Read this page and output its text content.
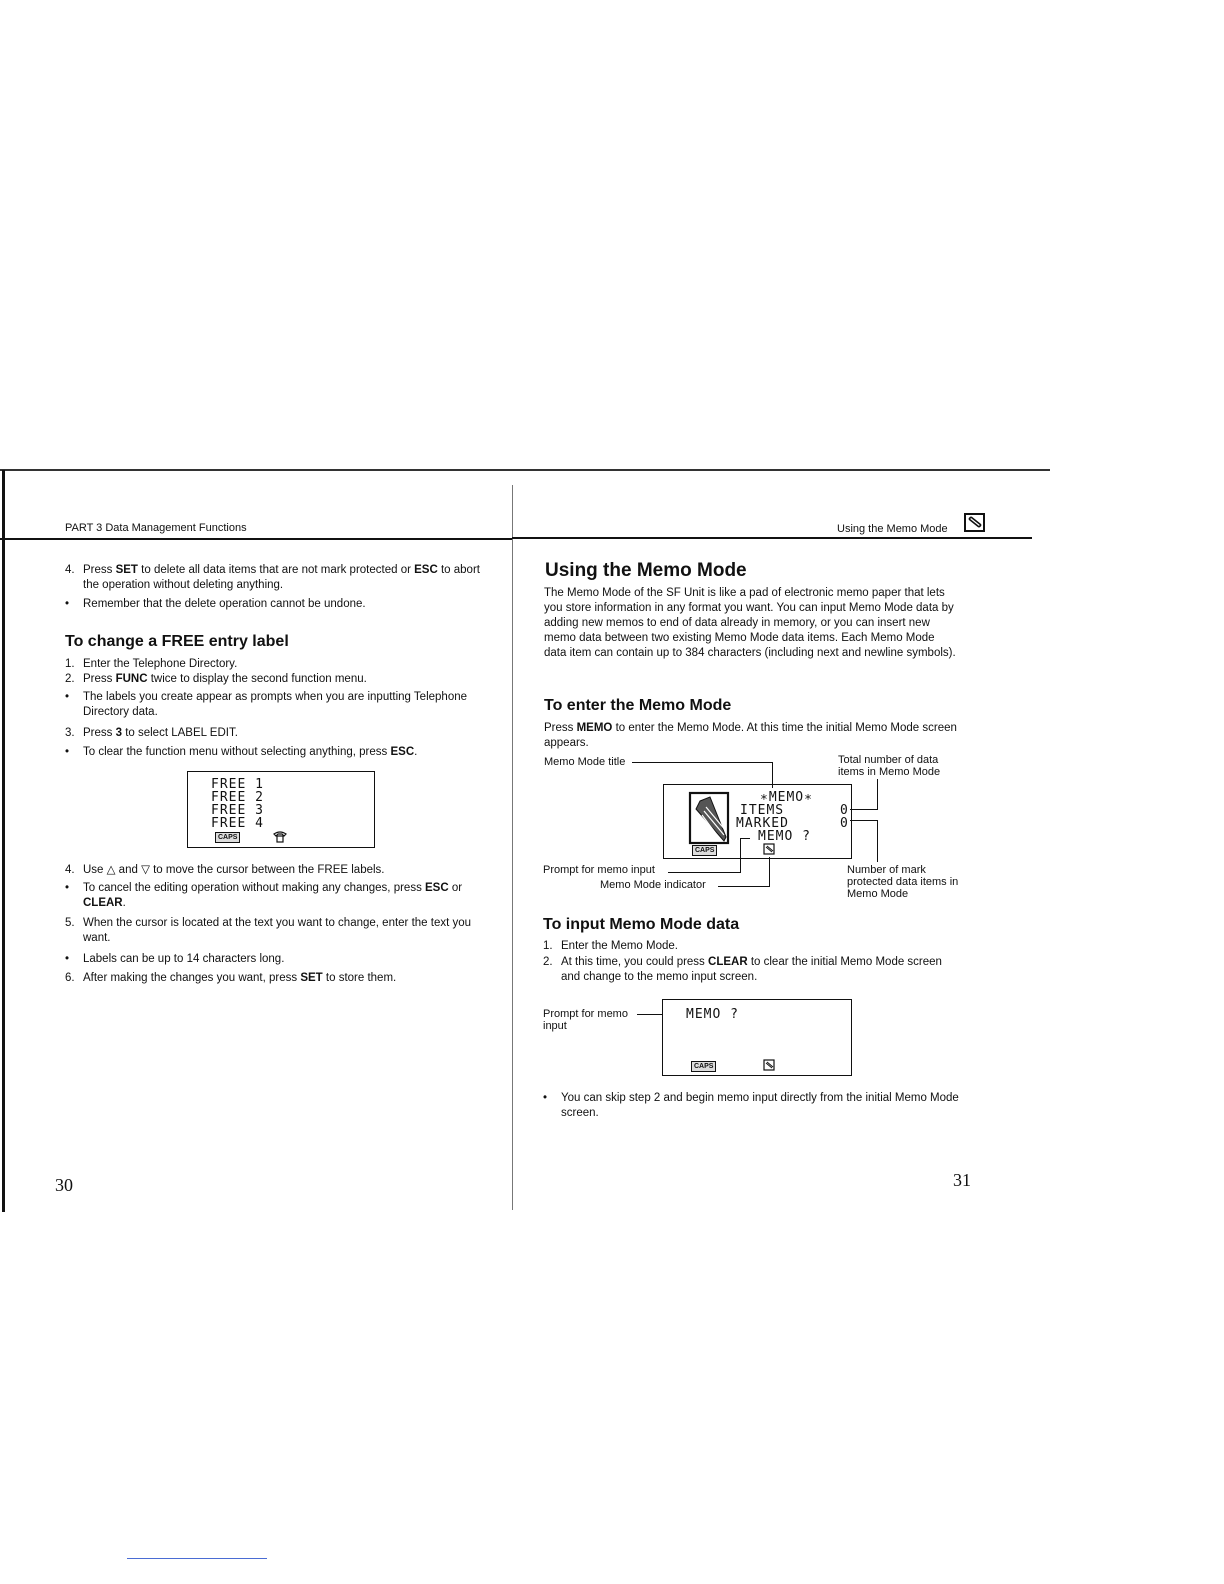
PART 3 Data Management Functions
4. Press SET to delete all data items that are not mark protected or ESC to abort the operation without deleting anything.
• Remember that the delete operation cannot be undone.
To change a FREE entry label
1. Enter the Telephone Directory.
2. Press FUNC twice to display the second function menu.
• The labels you create appear as prompts when you are inputting Telephone Directory data.
3. Press 3 to select LABEL EDIT.
• To clear the function menu without selecting anything, press ESC.
FREE 1
FREE 2
FREE 3
FREE 4
CAPS
4. Use △ and ▽ to move the cursor between the FREE labels.
• To cancel the editing operation without making any changes, press ESC or CLEAR.
5. When the cursor is located at the text you want to change, enter the text you want.
• Labels can be up to 14 characters long.
6. After making the changes you want, press SET to store them.
30
Using the Memo Mode
Using the Memo Mode
The Memo Mode of the SF Unit is like a pad of electronic memo paper that lets you store information in any format you want. You can input Memo Mode data by adding new memos to end of data already in memory, or you can insert new memo data between two existing Memo Mode data items. Each Memo Mode data item can contain up to 384 characters (including next and newline symbols).
To enter the Memo Mode
Press MEMO to enter the Memo Mode. At this time the initial Memo Mode screen appears.
Memo Mode title	Total number of data items in Memo Mode
∗MEMO∗
ITEMS	0
MARKED	0
MEMO ?
CAPS
Prompt for memo input
Memo Mode indicator
Number of mark protected data items in Memo Mode
To input Memo Mode data
1. Enter the Memo Mode.
2. At this time, you could press CLEAR to clear the initial Memo Mode screen and change to the memo input screen.
Prompt for memo input
MEMO ?
CAPS
• You can skip step 2 and begin memo input directly from the initial Memo Mode screen.
31
